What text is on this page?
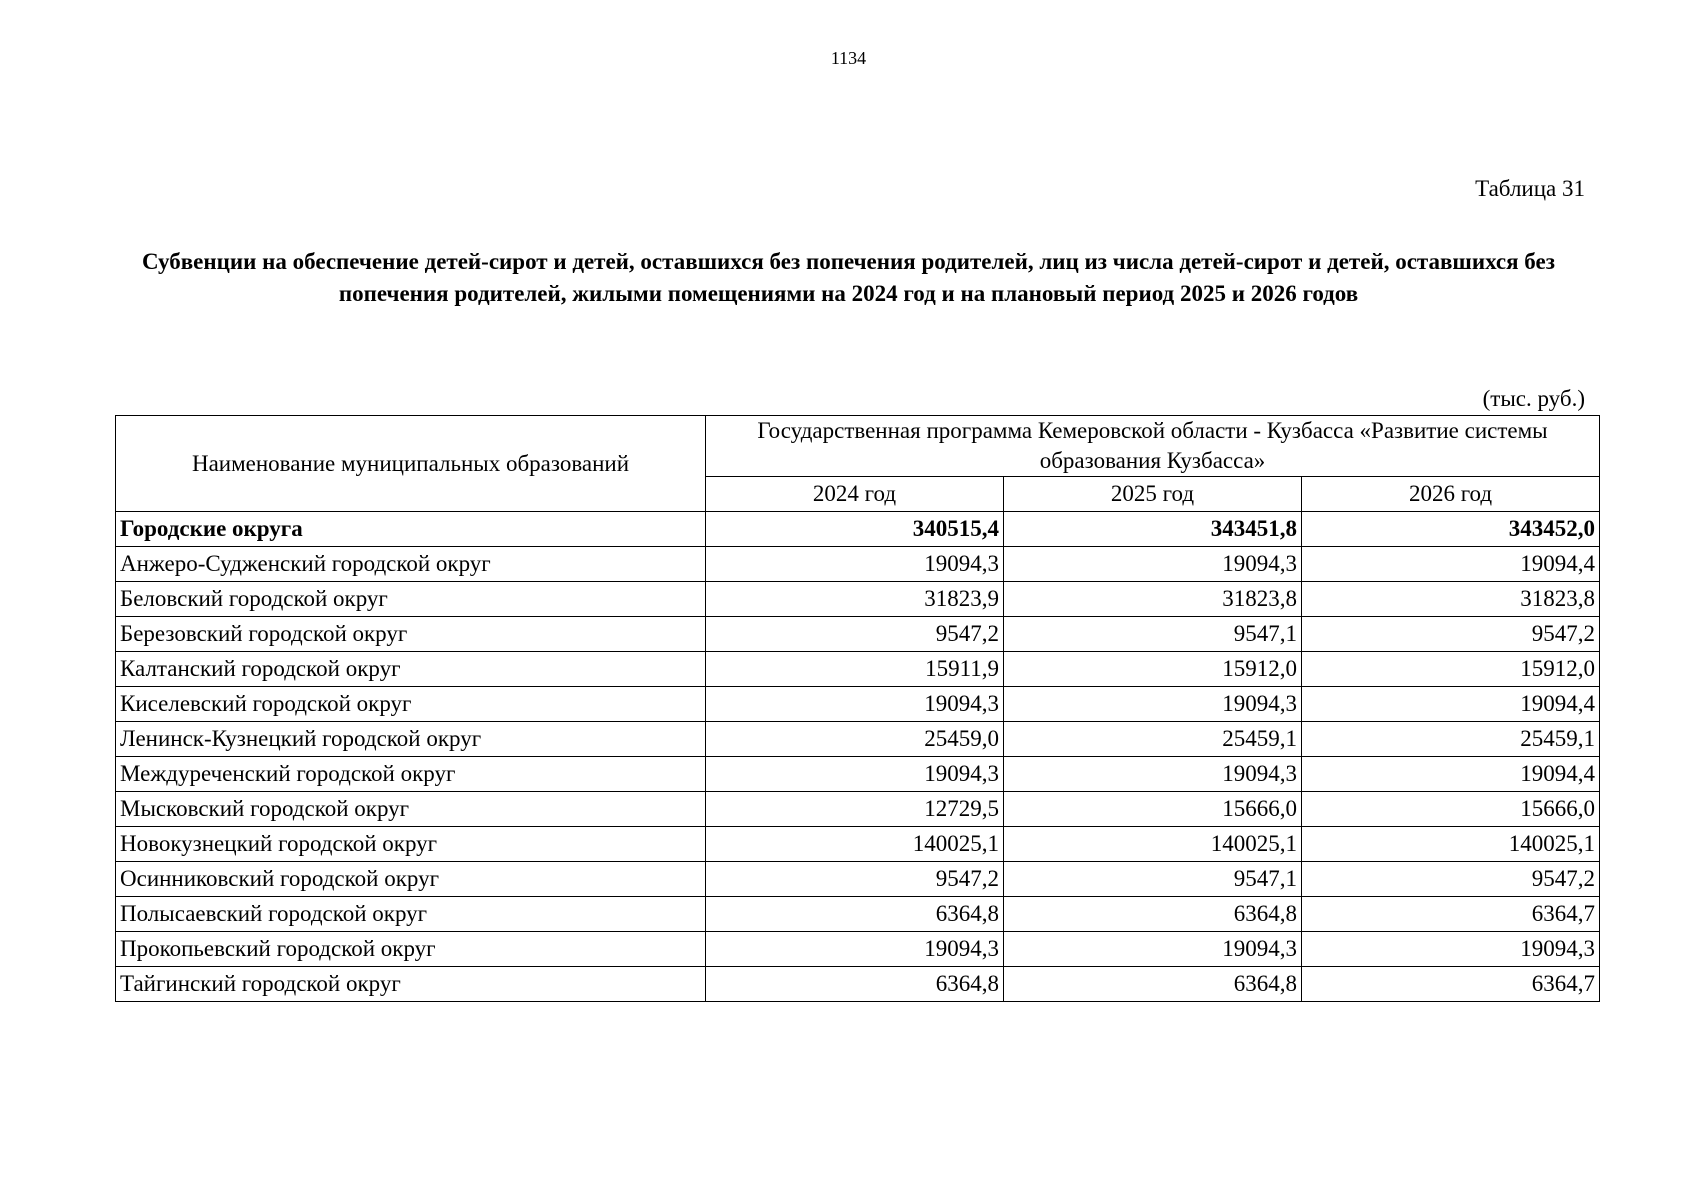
1134
Таблица 31
Субвенции на обеспечение детей-сирот и детей, оставшихся без попечения родителей, лиц из числа детей-сирот и детей, оставшихся без попечения родителей, жилыми помещениями на 2024 год и на плановый период 2025 и 2026 годов
(тыс. руб.)
Наименование муниципальных образований	Государственная программа Кемеровской области - Кузбасса «Развитие системы образования Кузбасса»		
	2024 год	2025 год	2026 год
Городские округа	340515,4	343451,8	343452,0
Анжеро-Судженский городской округ	19094,3	19094,3	19094,4
Беловский городской округ	31823,9	31823,8	31823,8
Березовский городской округ	9547,2	9547,1	9547,2
Калтанский городской округ	15911,9	15912,0	15912,0
Киселевский городской округ	19094,3	19094,3	19094,4
Ленинск-Кузнецкий городской округ	25459,0	25459,1	25459,1
Междуреченский городской округ	19094,3	19094,3	19094,4
Мысковский городской округ	12729,5	15666,0	15666,0
Новокузнецкий городской округ	140025,1	140025,1	140025,1
Осинниковский городской округ	9547,2	9547,1	9547,2
Полысаевский городской округ	6364,8	6364,8	6364,7
Прокопьевский городской округ	19094,3	19094,3	19094,3
Тайгинский городской округ	6364,8	6364,8	6364,7
